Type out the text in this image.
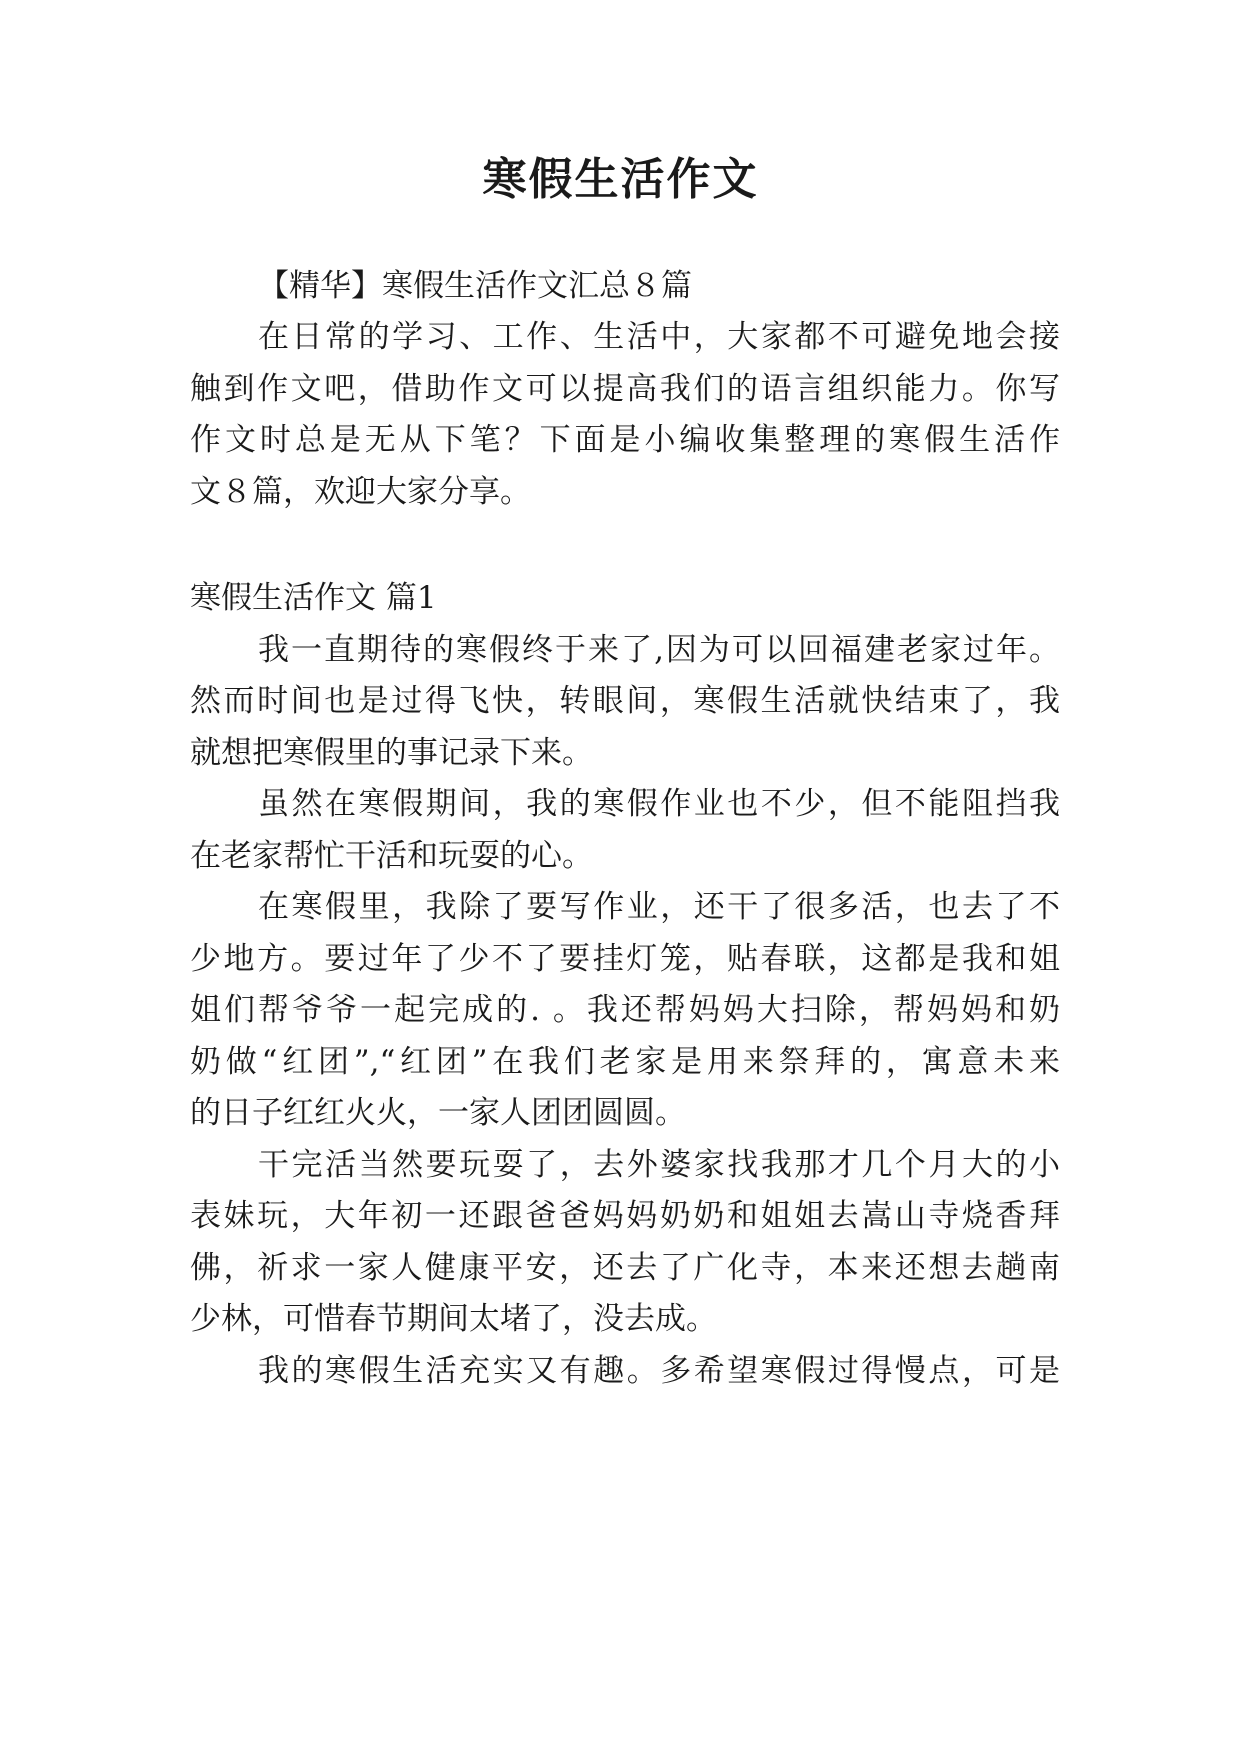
寒假生活作文
【精华】寒假生活作文汇总８篇
在日常的学习、工作、生活中，大家都不可避免地会接
触到作文吧，借助作文可以提高我们的语言组织能力。你写
作文时总是无从下笔？下面是小编收集整理的寒假生活作
文８篇，欢迎大家分享。
寒假生活作文 篇1
我一直期待的寒假终于来了,因为可以回福建老家过年。
然而时间也是过得飞快，转眼间，寒假生活就快结束了，我
就想把寒假里的事记录下来。
虽然在寒假期间，我的寒假作业也不少，但不能阻挡我
在老家帮忙干活和玩耍的心。
在寒假里，我除了要写作业，还干了很多活，也去了不
少地方。要过年了少不了要挂灯笼，贴春联，这都是我和姐
姐们帮爷爷一起完成的. 。我还帮妈妈大扫除，帮妈妈和奶
奶做“红团”,“红团”在我们老家是用来祭拜的，寓意未来
的日子红红火火，一家人团团圆圆。
干完活当然要玩耍了，去外婆家找我那才几个月大的小
表妹玩，大年初一还跟爸爸妈妈奶奶和姐姐去嵩山寺烧香拜
佛，祈求一家人健康平安，还去了广化寺，本来还想去趟南
少林，可惜春节期间太堵了，没去成。
我的寒假生活充实又有趣。多希望寒假过得慢点，可是
